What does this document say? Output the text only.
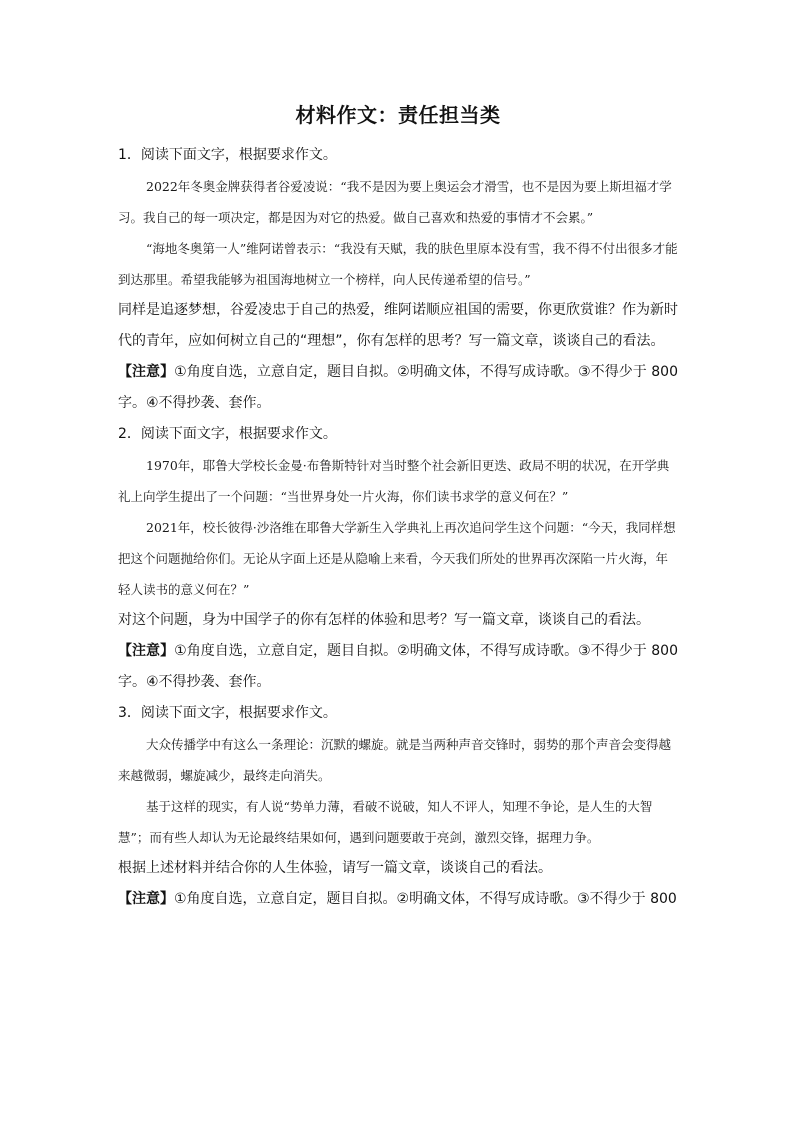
材料作文：责任担当类

1．阅读下面文字，根据要求作文。

2022年冬奥金牌获得者谷爱凌说：“我不是因为要上奥运会才滑雪，也不是因为要上斯坦福才学习。我自己的每一项决定，都是因为对它的热爱。做自己喜欢和热爱的事情才不会累。”

“海地冬奥第一人”维阿诺曾表示：“我没有天赋，我的肤色里原本没有雪，我不得不付出很多才能到达那里。希望我能够为祖国海地树立一个榜样，向人民传递希望的信号。”

同样是追逐梦想，谷爱凌忠于自己的热爱，维阿诺顺应祖国的需要，你更欣赏谁？作为新时代的青年，应如何树立自己的“理想”，你有怎样的思考？写一篇文章，谈谈自己的看法。

【注意】①角度自选，立意自定，题目自拟。②明确文体，不得写成诗歌。③不得少于 800 字。④不得抄袭、套作。

2．阅读下面文字，根据要求作文。

1970年，耶鲁大学校长金曼·布鲁斯特针对当时整个社会新旧更迭、政局不明的状况，在开学典礼上向学生提出了一个问题：“当世界身处一片火海，你们读书求学的意义何在？”

2021年，校长彼得·沙洛维在耶鲁大学新生入学典礼上再次追问学生这个问题：“今天，我同样想把这个问题抛给你们。无论从字面上还是从隐喻上来看，今天我们所处的世界再次深陷一片火海，年轻人读书的意义何在？”

对这个问题，身为中国学子的你有怎样的体验和思考？写一篇文章，谈谈自己的看法。

【注意】①角度自选，立意自定，题目自拟。②明确文体，不得写成诗歌。③不得少于 800 字。④不得抄袭、套作。

3．阅读下面文字，根据要求作文。

大众传播学中有这么一条理论：沉默的螺旋。就是当两种声音交锋时，弱势的那个声音会变得越来越微弱，螺旋减少，最终走向消失。

基于这样的现实，有人说“势单力薄，看破不说破，知人不评人，知理不争论，是人生的大智慧”；而有些人却认为无论最终结果如何，遇到问题要敢于亮剑，激烈交锋，据理力争。

根据上述材料并结合你的人生体验，请写一篇文章，谈谈自己的看法。

【注意】①角度自选，立意自定，题目自拟。②明确文体，不得写成诗歌。③不得少于 800
